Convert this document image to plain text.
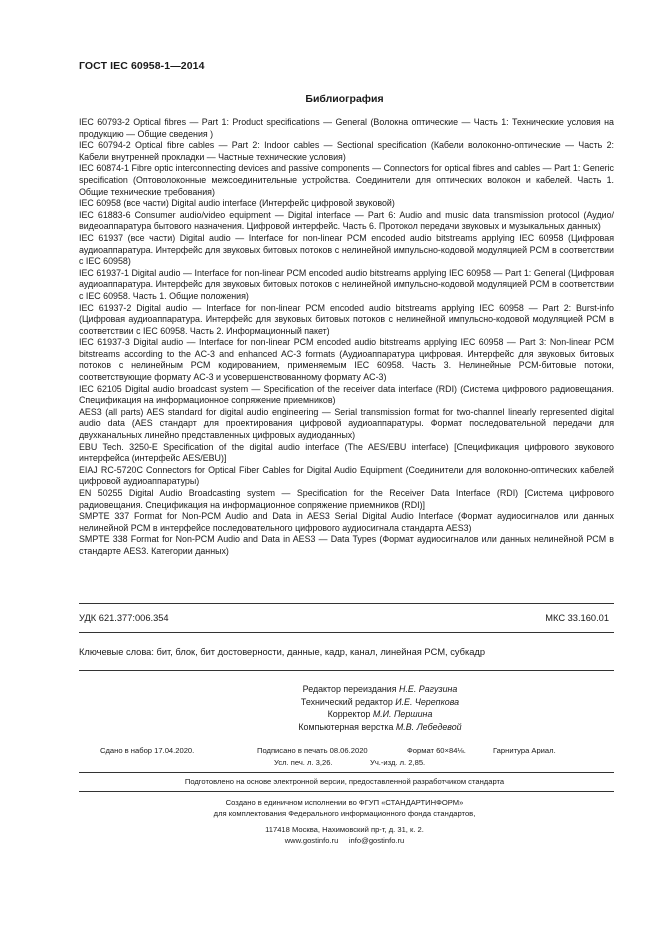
ГОСТ IEC 60958-1—2014
Библиография

IEC 60793-2 Optical fibres — Part 1: Product specifications — General (Волокна оптические — Часть 1: Технические условия на продукцию — Общие сведения )

IEC 60794-2 Optical fibre cables — Part 2: Indoor cables — Sectional specification (Кабели волоконно-оптические — Часть 2: Кабели внутренней прокладки — Частные технические условия)

IEC 60874-1 Fibre optic interconnecting devices and passive components — Connectors for optical fibres and cables — Part 1: Generic specification (Оптоволоконные межсоединительные устройства. Соединители для оптических волокон и кабелей. Часть 1. Общие технические требования)

IEC 60958 (все части) Digital audio interface (Интерфейс цифровой звуковой)

IEC 61883-6 Consumer audio/video equipment — Digital interface — Part 6: Audio and music data transmission protocol (Аудио/видеоаппаратура бытового назначения. Цифровой интерфейс. Часть 6. Протокол передачи звуковых и музыкальных данных)

IEC 61937 (все части) Digital audio — Interface for non-linear PCM encoded audio bitstreams applying IEC 60958 (Цифровая аудиоаппаратура. Интерфейс для звуковых битовых потоков с нелинейной импульсно-кодовой модуляцией PCM в соответствии с IEC 60958)

IEC 61937-1 Digital audio — Interface for non-linear PCM encoded audio bitstreams applying IEC 60958 — Part 1: General (Цифровая аудиоаппаратура. Интерфейс для звуковых битовых потоков с нелинейной импульсно-кодовой модуляцией PCM в соответствии с IEC 60958. Часть 1. Общие положения)

IEC 61937-2 Digital audio — Interface for non-linear PCM encoded audio bitstreams applying IEC 60958 — Part 2: Burst-info (Цифровая аудиоаппаратура. Интерфейс для звуковых битовых потоков с нелинейной импульсно-кодовой модуляцией PCM в соответствии с IEC 60958. Часть 2. Информационный пакет)

IEC 61937-3 Digital audio — Interface for non-linear PCM encoded audio bitstreams applying IEC 60958 — Part 3: Non-linear PCM bitstreams according to the AC-3 and enhanced AC-3 formats (Аудиоаппаратура цифровая. Интерфейс для звуковых битовых потоков с нелинейным PCM кодированием, применяемым IEC 60958. Часть 3. Нелинейные PCM-битовые потоки, соответствующие формату AC-3 и усовершенствованному формату AC-3)

IEC 62105 Digital audio broadcast system — Specification of the receiver data interface (RDI) (Система цифрового радиовещания. Спецификация на информационное сопряжение приемников)

AES3 (all parts) AES standard for digital audio engineering — Serial transmission format for two-channel linearly represented digital audio data (AES стандарт для проектирования цифровой аудиоаппаратуры. Формат последовательной передачи для двухканальных линейно представленных цифровых аудиоданных)

EBU Tech. 3250-E Specification of the digital audio interface (The AES/EBU interface) [Спецификация цифрового звукового интерфейса (интерфейс AES/EBU)]

EIAJ RC-5720C Connectors for Optical Fiber Cables for Digital Audio Equipment (Соединители для волоконно-оптических кабелей цифровой аудиоаппаратуры)

EN 50255 Digital Audio Broadcasting system — Specification for the Receiver Data Interface (RDI) [Система цифрового радиовещания. Спецификация на информационное сопряжение приемников (RDI)]

SMPTE 337 Format for Non-PCM Audio and Data in AES3 Serial Digital Audio Interface (Формат аудиосигналов или данных нелинейной PCM в интерфейсе последовательного цифрового аудиосигнала стандарта AES3)

SMPTE 338 Format for Non-PCM Audio and Data in AES3 — Data Types (Формат аудиосигналов или данных нелинейной PCM в стандарте AES3. Категории данных)

УДК 621.377:006.354	МКС 33.160.01
Ключевые слова: бит, блок, бит достоверности, данные, кадр, канал, линейная PCM, субкадр
Редактор переиздания Н.Е. Рагузина
Технический редактор И.Е. Черепкова
Корректор М.И. Першина
Компьютерная верстка М.В. Лебедевой
Сдано в набор 17.04.2020.	Подписано в печать 08.06.2020	Формат 60×84⅛.	Гарнитура Ариал.
Усл. печ. л. 3,26.	Уч.-изд. л. 2,85.
Подготовлено на основе электронной версии, предоставленной разработчиком стандарта
Создано в единичном исполнении во ФГУП «СТАНДАРТИНФОРМ»
для комплектования Федерального информационного фонда стандартов,
117418 Москва, Нахимовский пр-т, д. 31, к. 2.
www.gostinfo.ru info@gostinfo.ru
